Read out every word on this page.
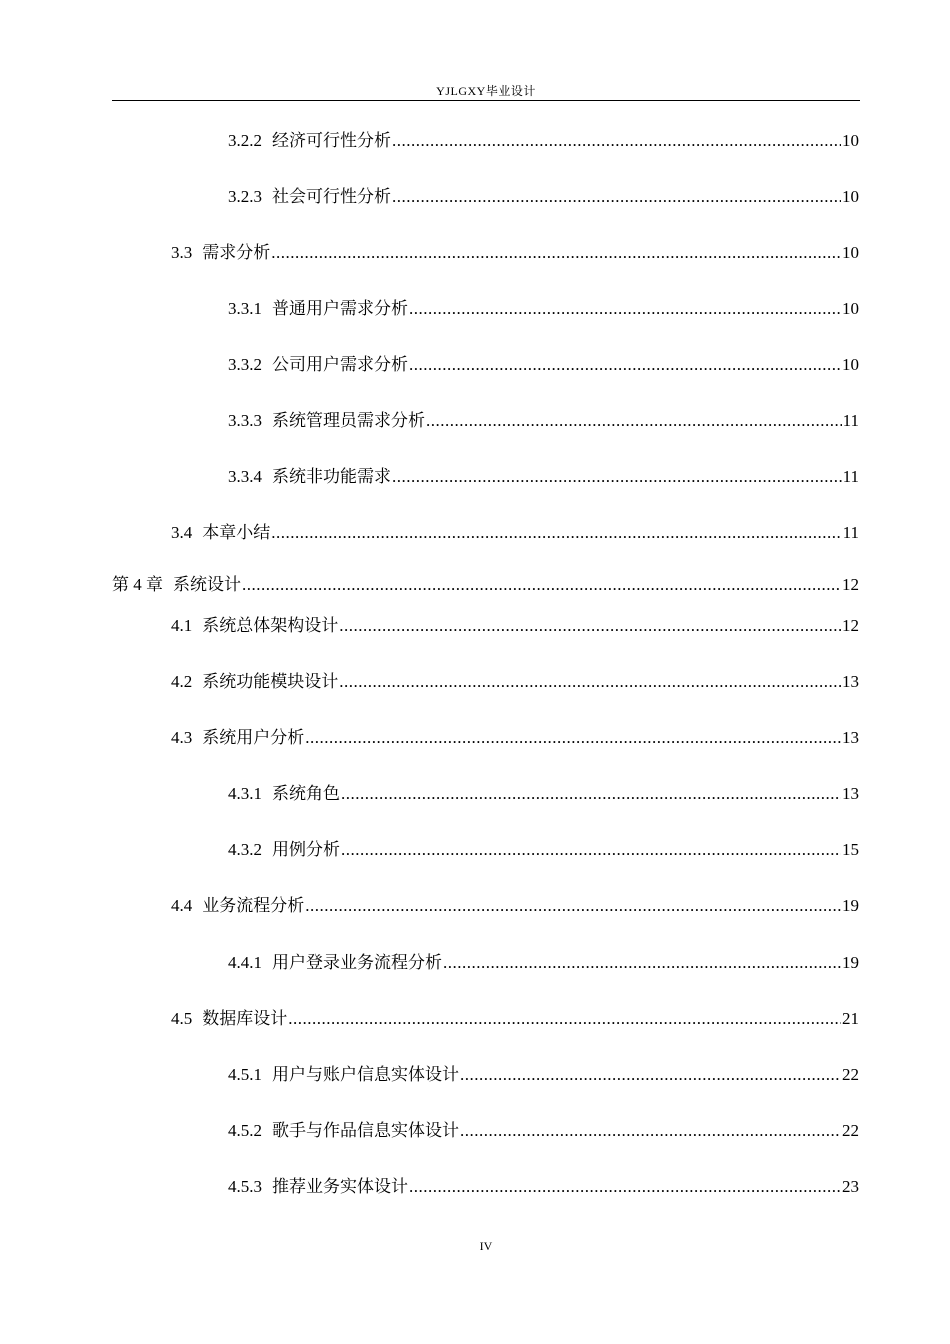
YJLGXY毕业设计
3.2.2 经济可行性分析 .....	10
3.2.3 社会可行性分析 .....	10
3.3 需求分析 .....	10
3.3.1 普通用户需求分析 .....	10
3.3.2 公司用户需求分析 .....	10
3.3.3 系统管理员需求分析 .....	11
3.3.4 系统非功能需求 .....	11
3.4 本章小结 .....	11
第 4 章 系统设计 .....	12
4.1 系统总体架构设计 .....	12
4.2 系统功能模块设计 .....	13
4.3 系统用户分析 .....	13
4.3.1 系统角色 .....	13
4.3.2 用例分析 .....	15
4.4 业务流程分析 .....	19
4.4.1 用户登录业务流程分析 .....	19
4.5 数据库设计 .....	21
4.5.1 用户与账户信息实体设计 .....	22
4.5.2 歌手与作品信息实体设计 .....	22
4.5.3 推荐业务实体设计 .....	23
IV
